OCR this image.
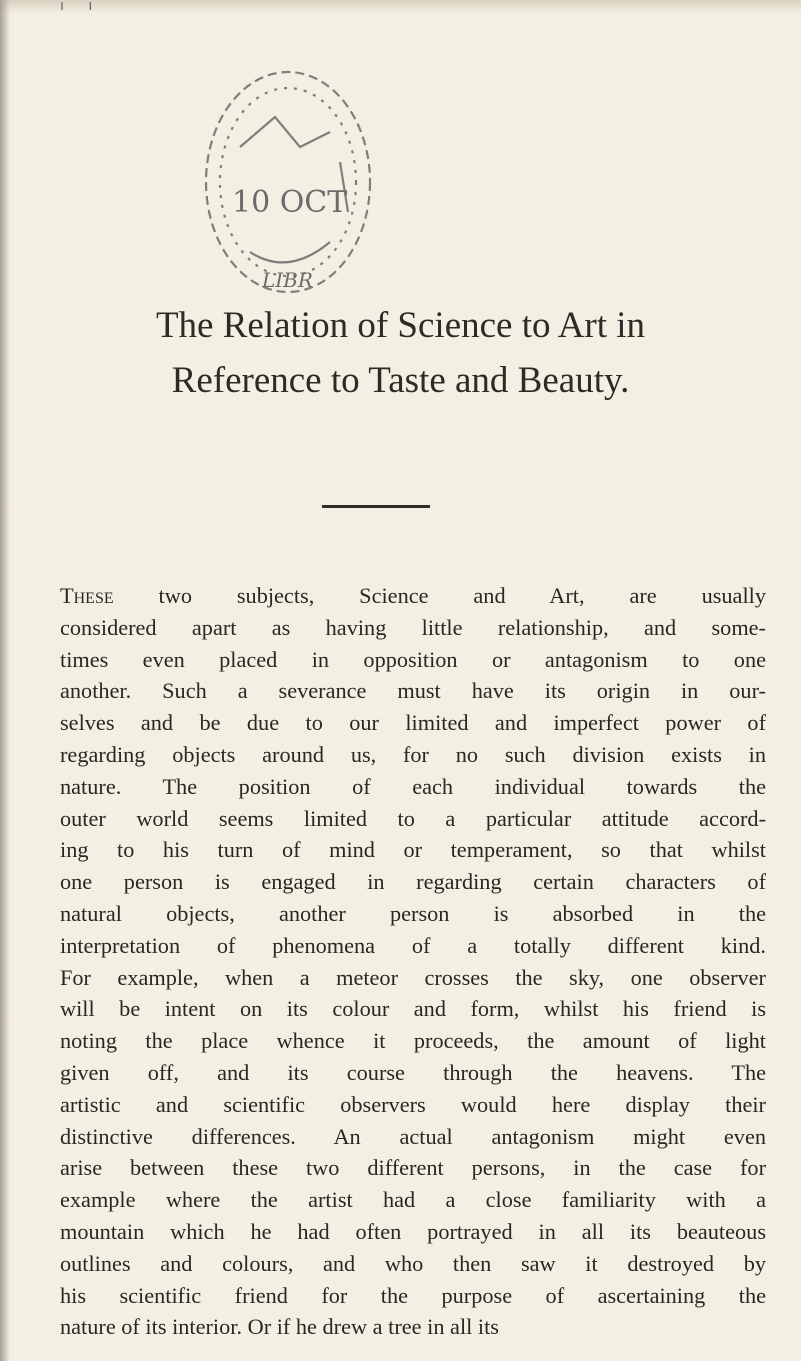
ı ı
10 OCT
LIBR
The Relation of Science to Art in
Reference to Taste and Beauty.
These two subjects, Science and Art, are usually
considered apart as having little relationship, and some-
times even placed in opposition or antagonism to one
another. Such a severance must have its origin in our-
selves and be due to our limited and imperfect power of
regarding objects around us, for no such division exists in
nature. The position of each individual towards the
outer world seems limited to a particular attitude accord-
ing to his turn of mind or temperament, so that whilst
one person is engaged in regarding certain characters of
natural objects, another person is absorbed in the
interpretation of phenomena of a totally different kind.
For example, when a meteor crosses the sky, one observer
will be intent on its colour and form, whilst his friend is
noting the place whence it proceeds, the amount of light
given off, and its course through the heavens. The
artistic and scientific observers would here display their
distinctive differences. An actual antagonism might even
arise between these two different persons, in the case for
example where the artist had a close familiarity with a
mountain which he had often portrayed in all its beauteous
outlines and colours, and who then saw it destroyed by
his scientific friend for the purpose of ascertaining the
nature of its interior. Or if he drew a tree in all its
